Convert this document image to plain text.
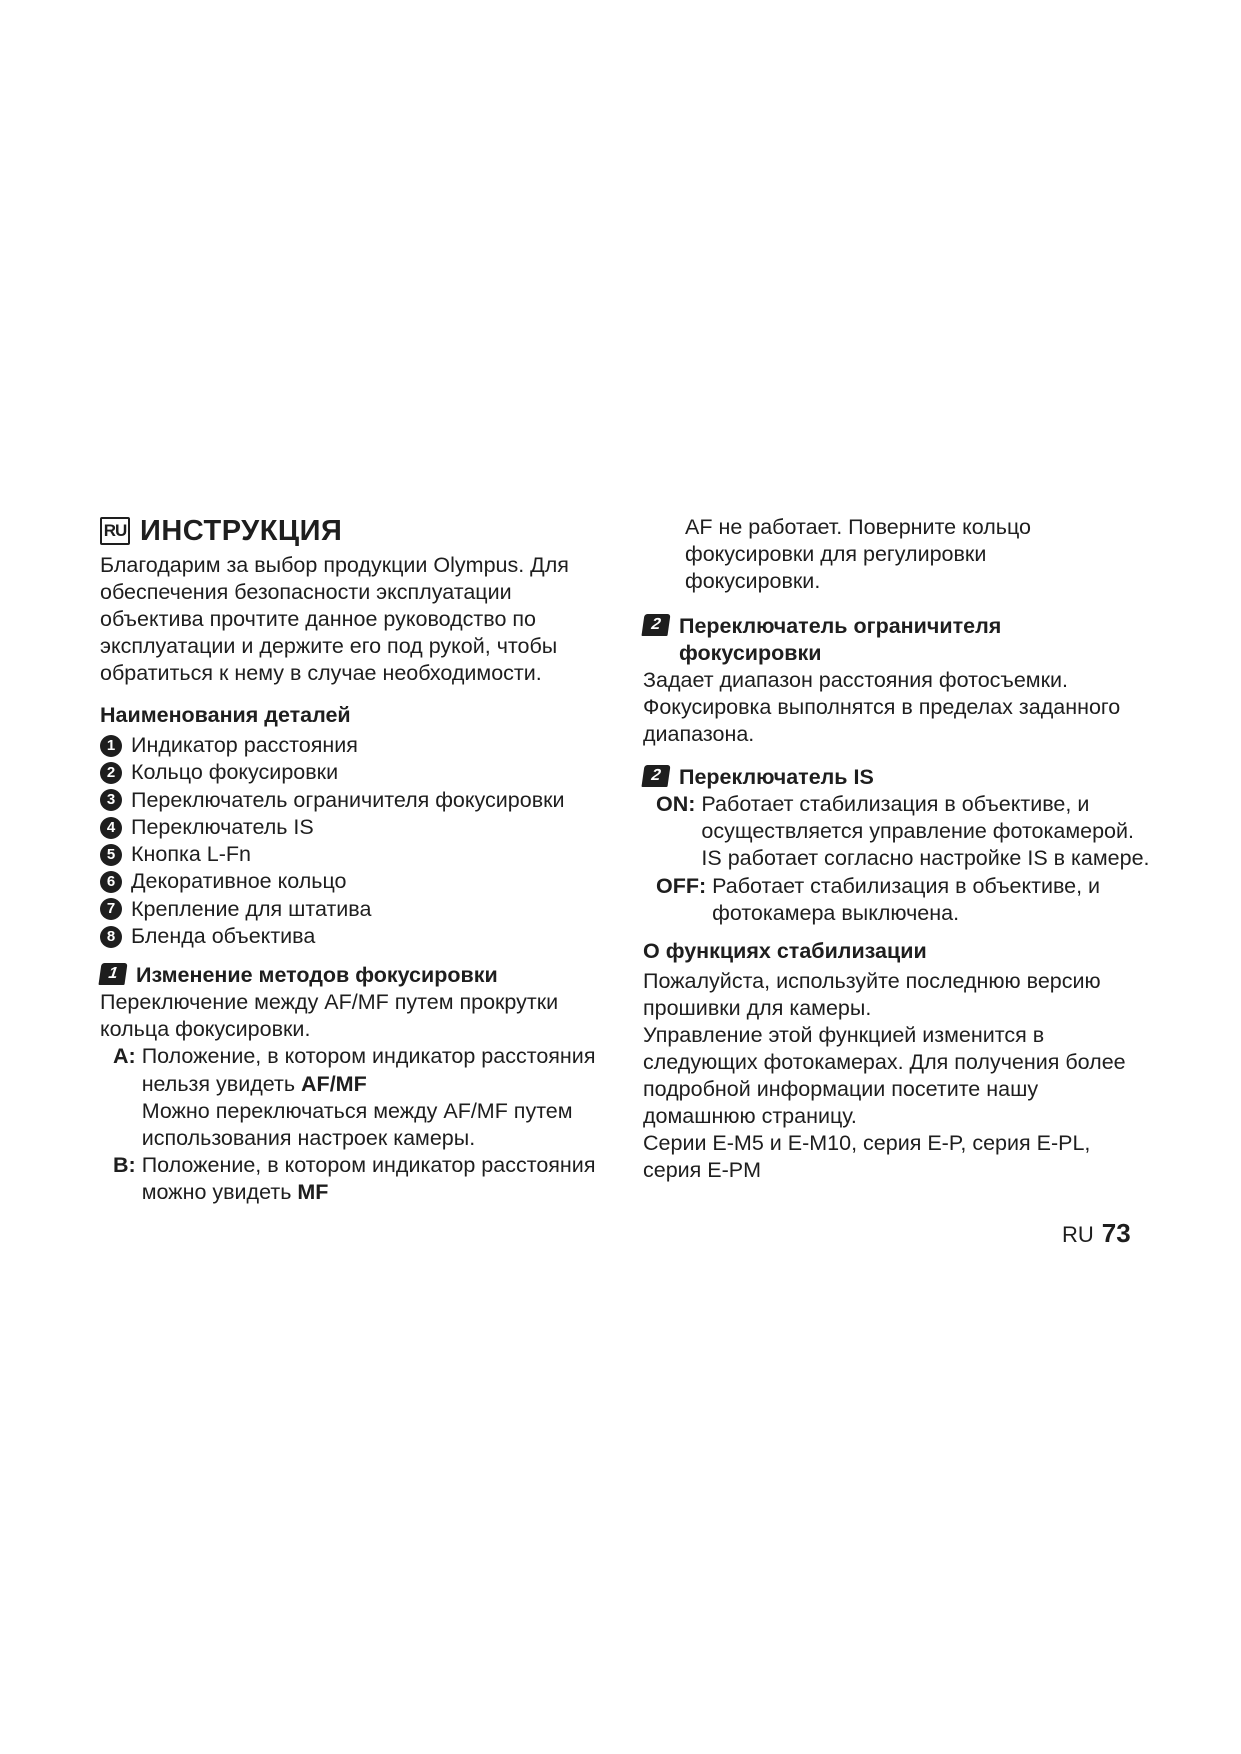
RU ИНСТРУКЦИЯ

Благодарим за выбор продукции Olympus. Для обеспечения безопасности эксплуатации объектива прочтите данное руководство по эксплуатации и держите его под рукой, чтобы обратиться к нему в случае необходимости.

Наименования деталей
1 Индикатор расстояния
2 Кольцо фокусировки
3 Переключатель ограничителя фокусировки
4 Переключатель IS
5 Кнопка L-Fn
6 Декоративное кольцо
7 Крепление для штатива
8 Бленда объектива
1 Изменение методов фокусировки

Переключение между AF/MF путем прокрутки кольца фокусировки.

A: Положение, в котором индикатор расстояния нельзя увидеть AF/MF
Можно переключаться между AF/MF путем использования настроек камеры.
B: Положение, в котором индикатор расстояния можно увидеть MF

AF не работает. Поверните кольцо фокусировки для регулировки фокусировки.

2 Переключатель ограничителя фокусировки

Задает диапазон расстояния фотосъемки. Фокусировка выполнятся в пределах заданного диапазона.

2 Переключатель IS
ON: Работает стабилизация в объективе, и осуществляется управление фотокамерой. IS работает согласно настройке IS в камере.
OFF: Работает стабилизация в объективе, и фотокамера выключена.
О функциях стабилизации

Пожалуйста, используйте последнюю версию прошивки для камеры.

Управление этой функцией изменится в следующих фотокамерах. Для получения более подробной информации посетите нашу домашнюю страницу.

Серии E-M5 и E-M10, серия E-P, серия E-PL, серия E-PM

RU 73
